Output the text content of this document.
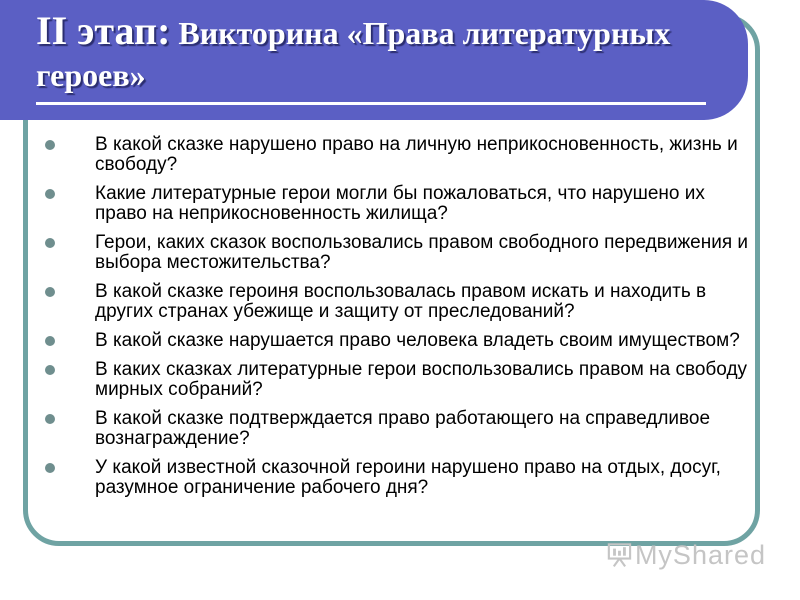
II этап: Викторина «Права литературных героев»
В какой сказке нарушено право на личную неприкосновенность, жизнь и свободу?
Какие литературные герои могли бы пожаловаться, что нарушено их право на неприкосновенность жилища?
Герои, каких сказок воспользовались правом свободного передвижения и выбора местожительства?
В какой сказке героиня воспользовалась правом искать и находить в других странах убежище и защиту от преследований?
В какой сказке нарушается право человека владеть своим имуществом?
В каких сказках литературные герои воспользовались правом на свободу мирных собраний?
В какой сказке подтверждается право работающего на справедливое вознаграждение?
У какой известной сказочной героини нарушено право на отдых, досуг, разумное ограничение рабочего дня?
MyShared
